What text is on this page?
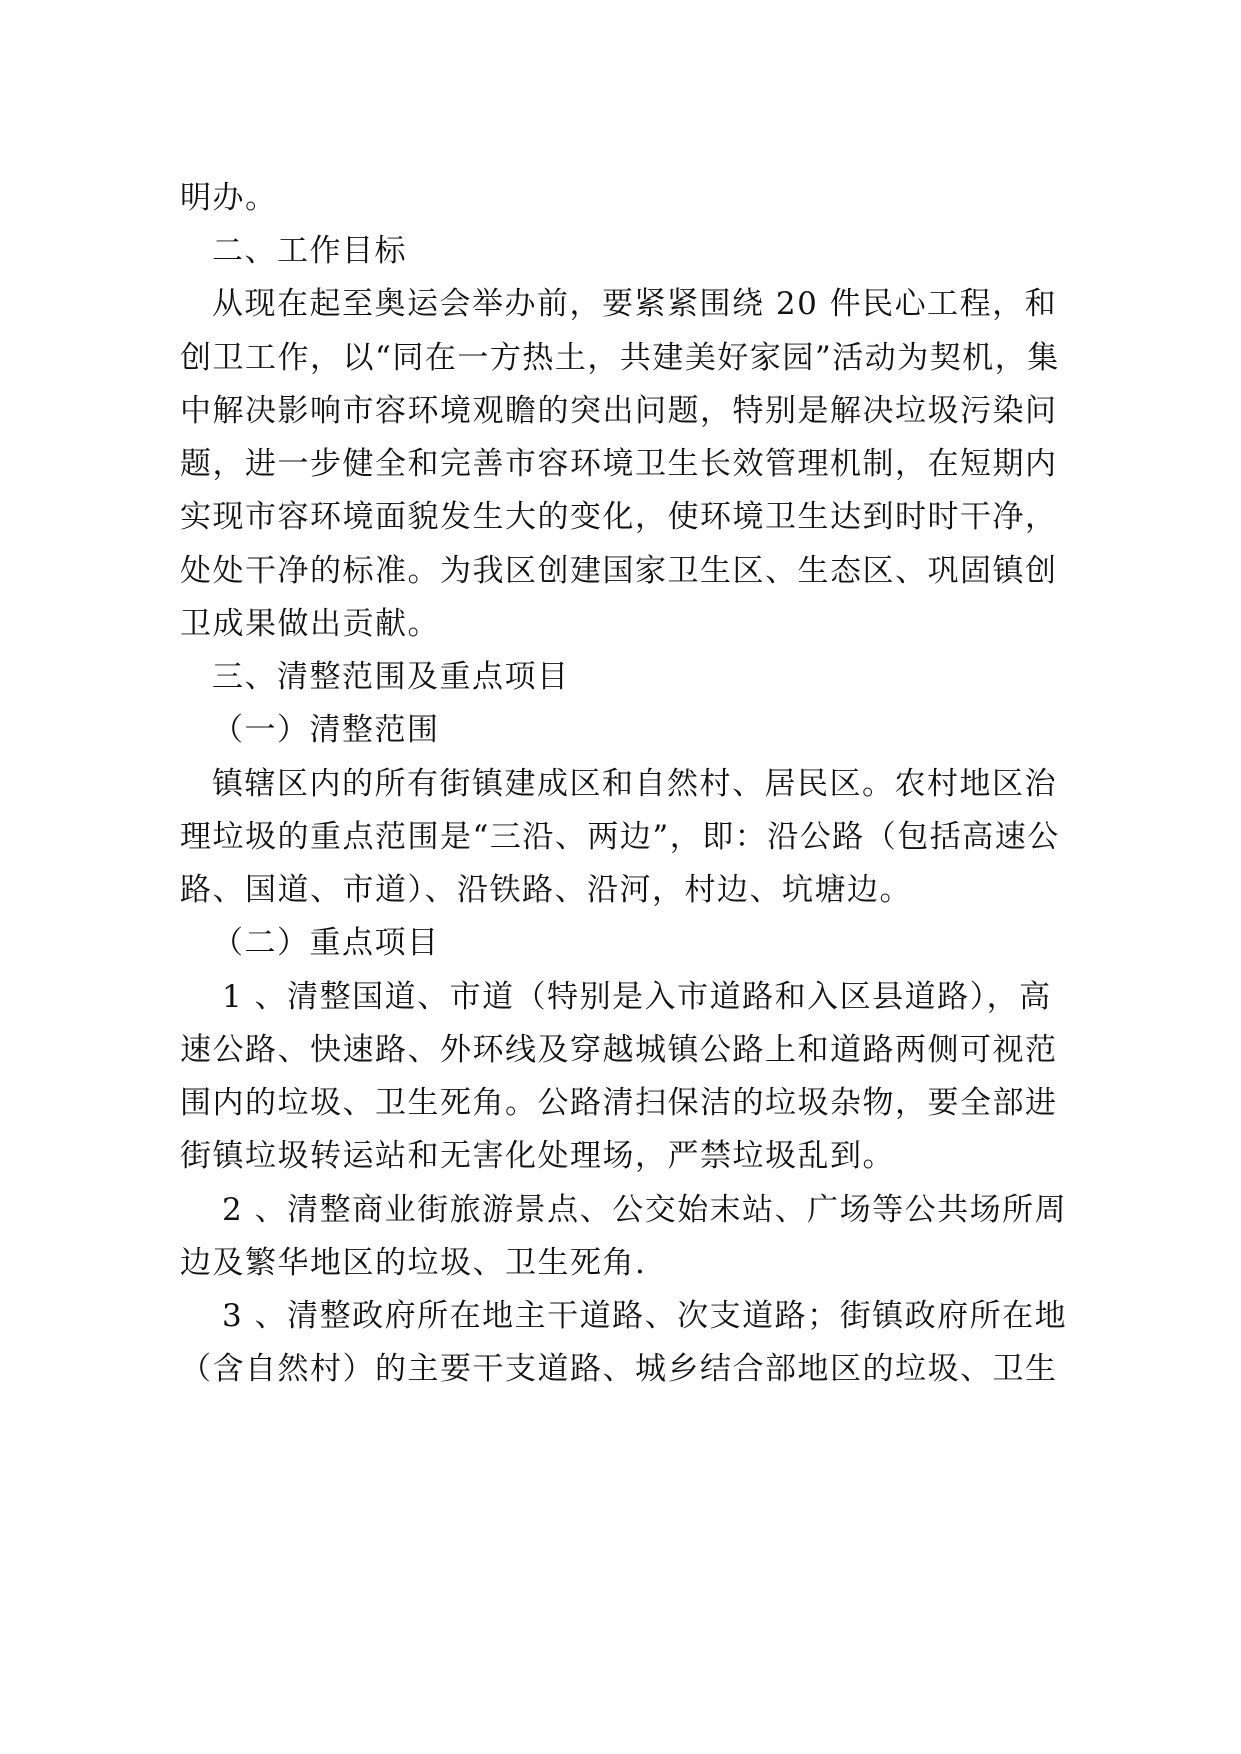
明办。
二、工作目标
从现在起至奥运会举办前，要紧紧围绕 20 件民心工程，和
创卫工作，以“同在一方热土，共建美好家园”活动为契机，集
中解决影响市容环境观瞻的突出问题，特别是解决垃圾污染问
题，进一步健全和完善市容环境卫生长效管理机制，在短期内
实现市容环境面貌发生大的变化，使环境卫生达到时时干净，
处处干净的标准。为我区创建国家卫生区、生态区、巩固镇创
卫成果做出贡献。
三、清整范围及重点项目
（一）清整范围
镇辖区内的所有街镇建成区和自然村、居民区。农村地区治
理垃圾的重点范围是“三沿、两边”，即：沿公路（包括高速公
路、国道、市道）、沿铁路、沿河，村边、坑塘边。
（二）重点项目
1 、清整国道、市道（特别是入市道路和入区县道路），高
速公路、快速路、外环线及穿越城镇公路上和道路两侧可视范
围内的垃圾、卫生死角。公路清扫保洁的垃圾杂物，要全部进
街镇垃圾转运站和无害化处理场，严禁垃圾乱到。
2 、清整商业街旅游景点、公交始末站、广场等公共场所周
边及繁华地区的垃圾、卫生死角.
3 、清整政府所在地主干道路、次支道路；街镇政府所在地
（含自然村）的主要干支道路、城乡结合部地区的垃圾、卫生
